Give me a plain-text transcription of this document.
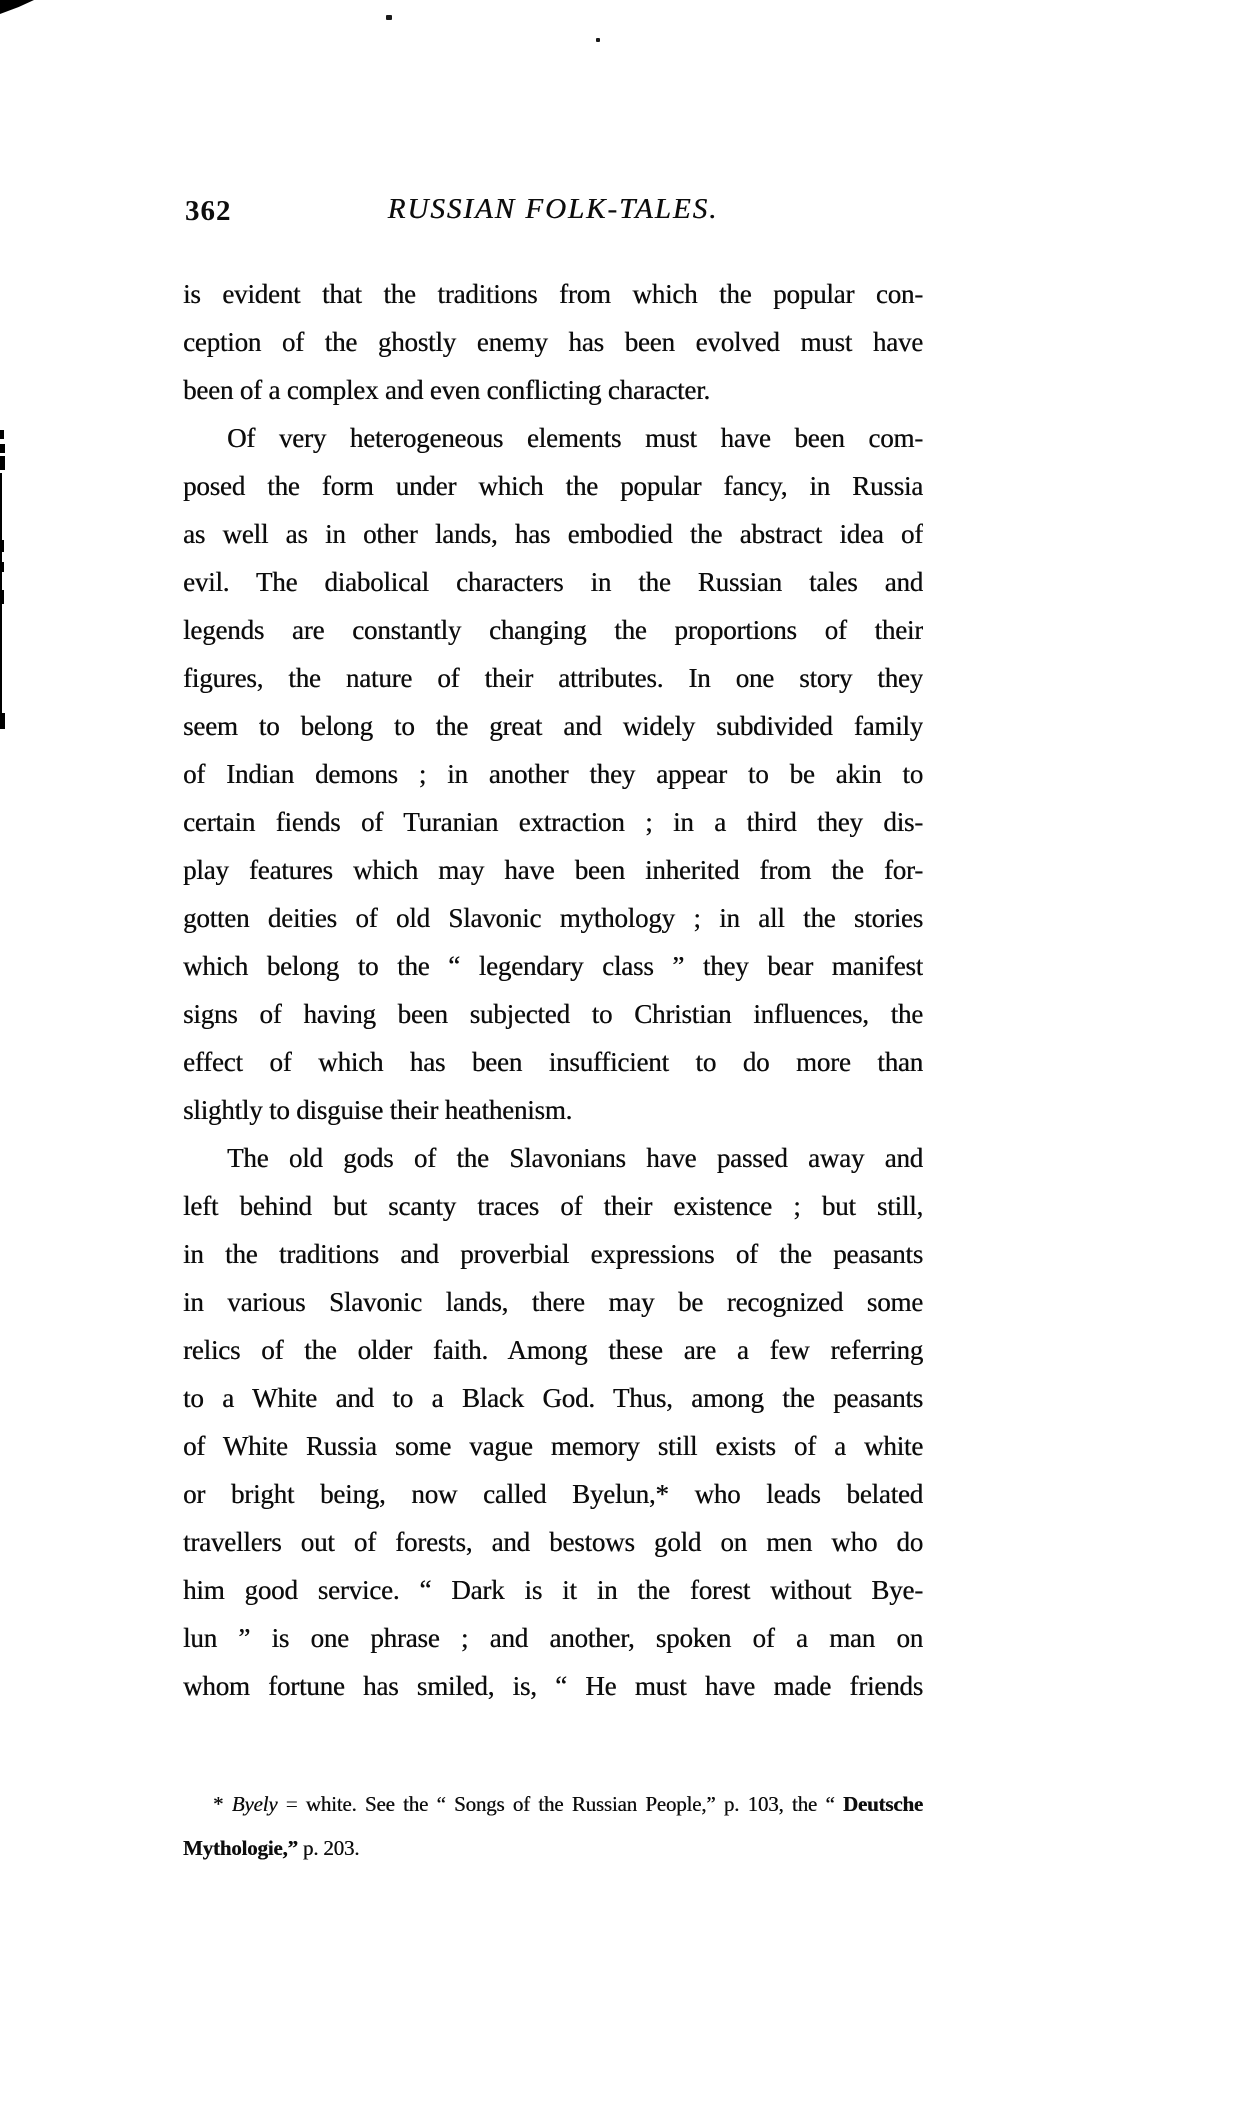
362	RUSSIAN FOLK-TALES.
is evident that the traditions from which the popular con-
ception of the ghostly enemy has been evolved must have
been of a complex and even conflicting character.
Of very heterogeneous elements must have been com-
posed the form under which the popular fancy, in Russia
as well as in other lands, has embodied the abstract idea of
evil. The diabolical characters in the Russian tales and
legends are constantly changing the proportions of their
figures, the nature of their attributes. In one story they
seem to belong to the great and widely subdivided family
of Indian demons ; in another they appear to be akin to
certain fiends of Turanian extraction ; in a third they dis-
play features which may have been inherited from the for-
gotten deities of old Slavonic mythology ; in all the stories
which belong to the “ legendary class ” they bear manifest
signs of having been subjected to Christian influences, the
effect of which has been insufficient to do more than
slightly to disguise their heathenism.
The old gods of the Slavonians have passed away and
left behind but scanty traces of their existence ; but still,
in the traditions and proverbial expressions of the peasants
in various Slavonic lands, there may be recognized some
relics of the older faith. Among these are a few referring
to a White and to a Black God. Thus, among the peasants
of White Russia some vague memory still exists of a white
or bright being, now called Byelun,* who leads belated
travellers out of forests, and bestows gold on men who do
him good service. “ Dark is it in the forest without Bye-
lun ” is one phrase ; and another, spoken of a man on
whom fortune has smiled, is, “ He must have made friends
* Byely = white. See the “ Songs of the Russian People,” p. 103, the “ Deutsche
Mythologie,” p. 203.
